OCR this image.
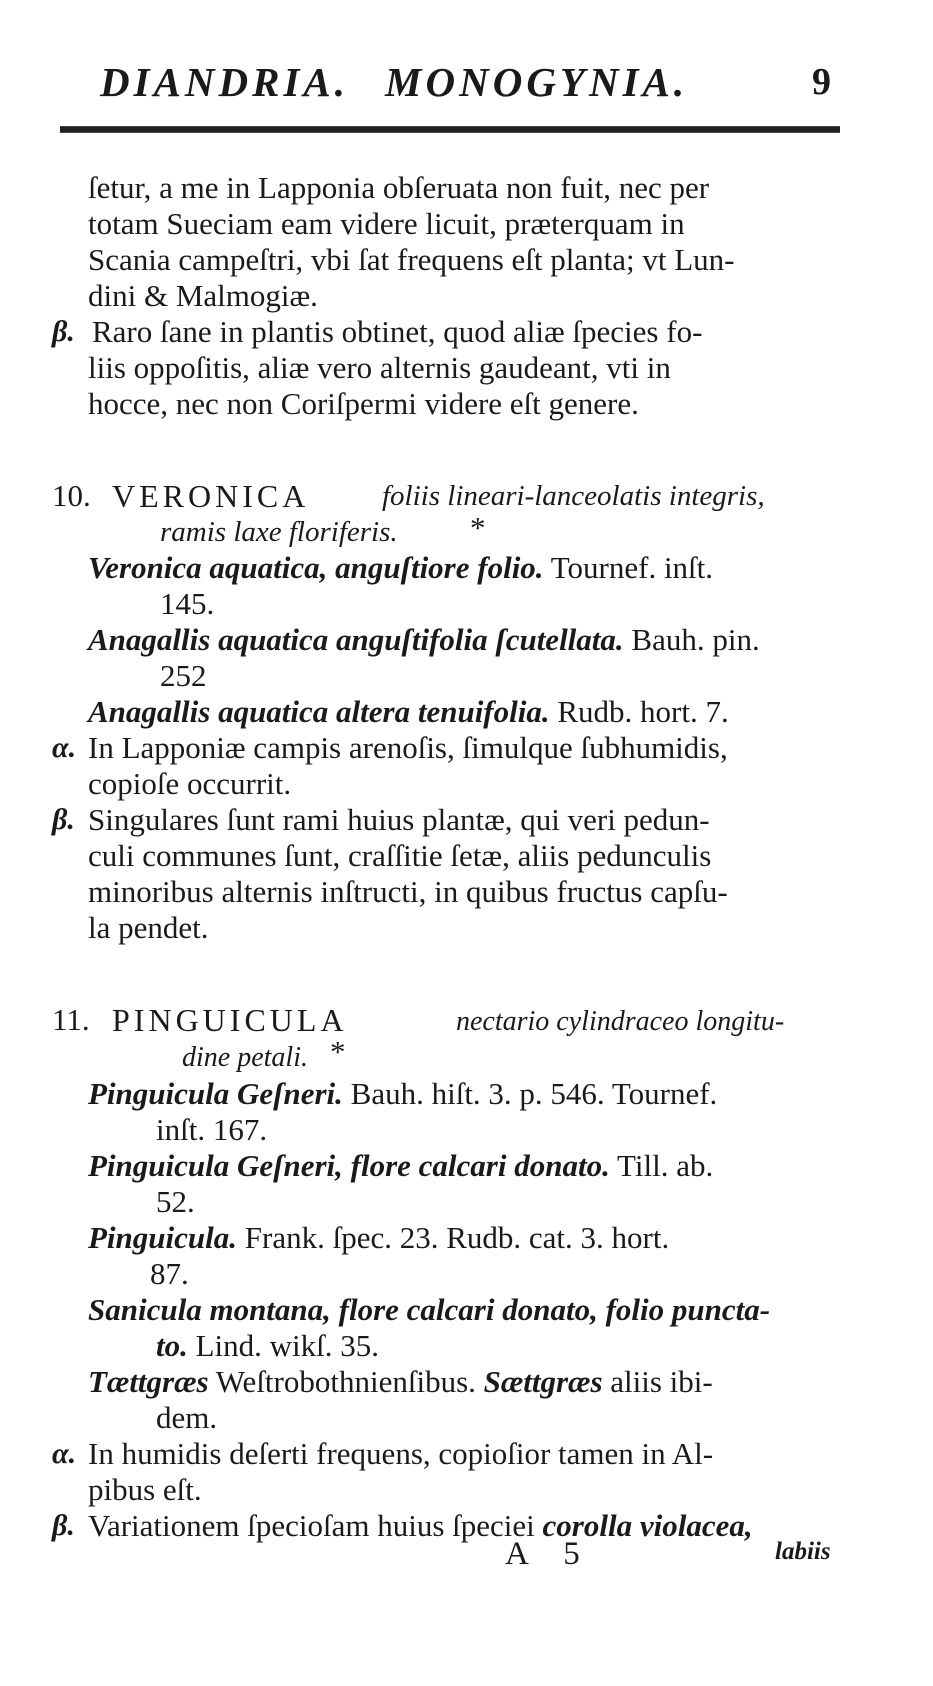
DIANDRIA. MONOGYNIA.	9
ſetur, a me in Lapponia obſeruata non fuit, nec per
totam Sueciam eam videre licuit, præterquam in
Scania campeſtri, vbi ſat frequens eſt planta; vt Lun-
dini & Malmogiæ.
β. Raro ſane in plantis obtinet, quod aliæ ſpecies fo-
liis oppoſitis, aliæ vero alternis gaudeant, vti in
hocce, nec non Coriſpermi videre eſt genere.
10. VERONICA	foliis lineari-lanceolatis integris,
ramis laxe floriferis. *
Veronica aquatica, anguſtiore folio. Tournef. inſt.
145.
Anagallis aquatica anguſtifolia ſcutellata. Bauh. pin.
252
Anagallis aquatica altera tenuifolia. Rudb. hort. 7.
α. In Lapponiæ campis arenoſis, ſimulque ſubhumidis,
copioſe occurrit.
β. Singulares ſunt rami huius plantæ, qui veri pedun-
culi communes ſunt, craſſitie ſetæ, aliis pedunculis
minoribus alternis inſtructi, in quibus fructus capſu-
la pendet.
11. PINGUICULA	nectario cylindraceo longitu-
dine petali. *
Pinguicula Geſneri. Bauh. hiſt. 3. p. 546. Tournef.
inſt. 167.
Pinguicula Geſneri, flore calcari donato. Till. ab.
52.
Pinguicula. Frank. ſpec. 23. Rudb. cat. 3. hort.
87.
Sanicula montana, flore calcari donato, folio puncta-
to. Lind. wikſ. 35.
Tættgræs Weſtrobothnienſibus. Sættgræs aliis ibi-
dem.
α. In humidis deſerti frequens, copioſior tamen in Al-
pibus eſt.
β. Variationem ſpecioſam huius ſpeciei corolla violacea,
A 5	labiis
